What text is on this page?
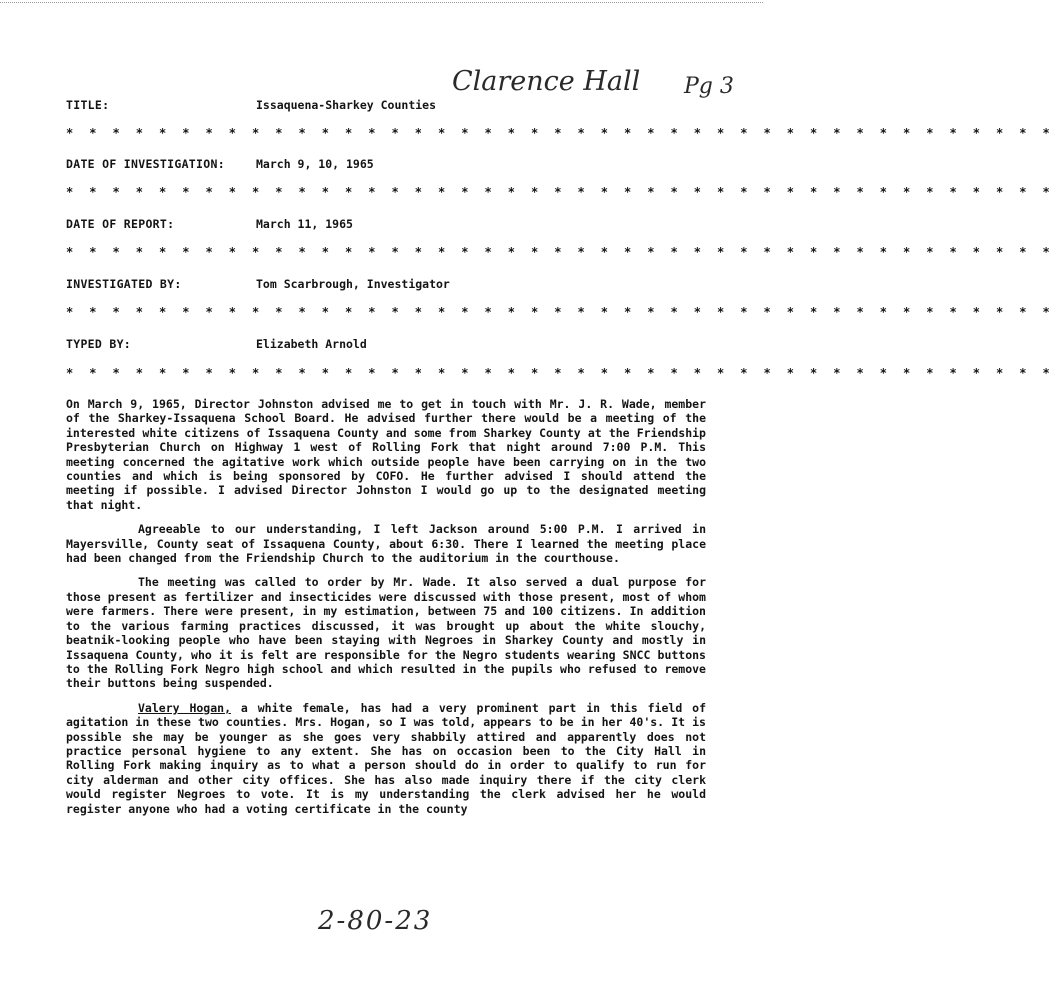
Clarence Hall Pg 3
TITLE:	Issaquena-Sharkey Counties
* * * * * * * * * * * * * * * * * * * * * * * * * * * * * * * * * * * * * * * * * * *
DATE OF INVESTIGATION:	March 9, 10, 1965
* * * * * * * * * * * * * * * * * * * * * * * * * * * * * * * * * * * * * * * * * * *
DATE OF REPORT:	March 11, 1965
* * * * * * * * * * * * * * * * * * * * * * * * * * * * * * * * * * * * * * * * * * *
INVESTIGATED BY:	Tom Scarbrough, Investigator
* * * * * * * * * * * * * * * * * * * * * * * * * * * * * * * * * * * * * * * * * * *
TYPED BY:	Elizabeth Arnold
* * * * * * * * * * * * * * * * * * * * * * * * * * * * * * * * * * * * * * * * * * *

On March 9, 1965, Director Johnston advised me to get in touch with Mr. J. R. Wade, member of the Sharkey-Issaquena School Board. He advised further there would be a meeting of the interested white citizens of Issaquena County and some from Sharkey County at the Friendship Presbyterian Church on Highway 1 west of Rolling Fork that night around 7:00 P.M. This meeting concerned the agitative work which outside people have been carrying on in the two counties and which is being sponsored by COFO. He further advised I should attend the meeting if possible. I advised Director Johnston I would go up to the designated meeting that night.

Agreeable to our understanding, I left Jackson around 5:00 P.M. I arrived in Mayersville, County seat of Issaquena County, about 6:30. There I learned the meeting place had been changed from the Friendship Church to the auditorium in the courthouse.

The meeting was called to order by Mr. Wade. It also served a dual purpose for those present as fertilizer and insecticides were discussed with those present, most of whom were farmers. There were present, in my estimation, between 75 and 100 citizens. In addition to the various farming practices discussed, it was brought up about the white slouchy, beatnik-looking people who have been staying with Negroes in Sharkey County and mostly in Issaquena County, who it is felt are responsible for the Negro students wearing SNCC buttons to the Rolling Fork Negro high school and which resulted in the pupils who refused to remove their buttons being suspended.

Valery Hogan, a white female, has had a very prominent part in this field of agitation in these two counties. Mrs. Hogan, so I was told, appears to be in her 40's. It is possible she may be younger as she goes very shabbily attired and apparently does not practice personal hygiene to any extent. She has on occasion been to the City Hall in Rolling Fork making inquiry as to what a person should do in order to qualify to run for city alderman and other city offices. She has also made inquiry there if the city clerk would register Negroes to vote. It is my understanding the clerk advised her he would register anyone who had a voting certificate in the county

2-80-23
